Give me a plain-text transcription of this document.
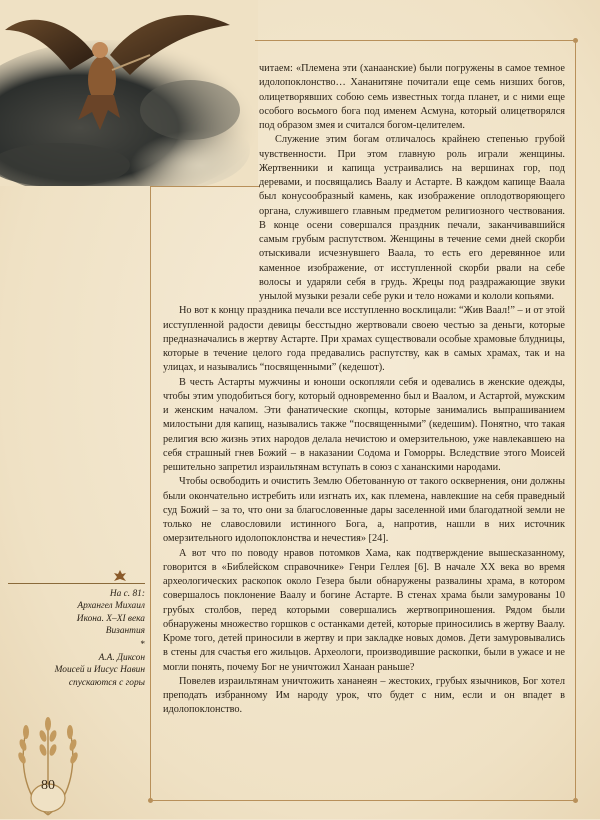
читаем: «Племена эти (ханаанские) были погружены в самое темное идолопоклонство… Хананитяне почитали еще семь низших богов, олицетворявших собою семь известных тогда планет, и с ними еще особого восьмого бога под именем Асмуна, который олицетворялся под образом змея и считался богом-целителем.

Служение этим богам отличалось крайнею степенью грубой чувственности. При этом главную роль играли женщины. Жертвенники и капища устраивались на вершинах гор, под деревами, и посвящались Ваалу и Астарте. В каждом капище Ваала был конусообразный камень, как изображение оплодотворяющего органа, служившего главным предметом религиозного чествования. В конце осени совершался праздник печали, заканчивавшийся самым грубым распутством. Женщины в течение семи дней скорби отыскивали исчезнувшего Ваала, то есть его деревянное или каменное изображение, от исступленной скорби рвали на себе волосы и ударяли себя в грудь. Жрецы под раздражающие звуки унылой музыки резали себе руки и тело ножами и кололи копьями.

Но вот к концу праздника печали все исступленно восклицали: “Жив Ваал!” – и от этой исступленной радости девицы бесстыдно жертвовали своею честью за деньги, которые предназначались в жертву Астарте. При храмах существовали особые храмовые блудницы, которые в течение целого года предавались распутству, как в самых храмах, так и на улицах, и назывались “посвященными” (кедешот).

В честь Астарты мужчины и юноши оскопляли себя и одевались в женские одежды, чтобы этим уподобиться богу, который одновременно был и Ваалом, и Астартой, мужским и женским началом. Эти фанатические скопцы, которые занимались выпрашиванием милостыни для капищ, назывались также “посвященными” (кедешим). Понятно, что такая религия всю жизнь этих народов делала нечистою и омерзительною, уже навлекавшею на себя страшный гнев Божий – в наказании Содома и Гоморры. Вследствие этого Моисей решительно запретил израильтянам вступать в союз с хананскими народами.

Чтобы освободить и очистить Землю Обетованную от такого осквернения, они должны были окончательно истребить или изгнать их, как племена, навлекшие на себя праведный суд Божий – за то, что они за благословенные дары заселенной ими благодатной земли не только не славословили истинного Бога, а, напротив, нашли в них источник омерзительного идолопоклонства и нечестия» [24].

А вот что по поводу нравов потомков Хама, как подтверждение вышесказанному, говорится в «Библейском справочнике» Генри Геллея [6]. В начале XX века во время археологических раскопок около Гезера были обнаружены развалины храма, в котором совершалось поклонение Ваалу и богине Астарте. В стенах храма были замурованы 10 грубых столбов, перед которыми совершались жертвоприношения. Рядом были обнаружены множество горшков с останками детей, которые приносились в жертву Ваалу. Кроме того, детей приносили в жертву и при закладке новых домов. Дети замуровывались в стены для счастья его жильцов. Археологи, производившие раскопки, были в ужасе и не могли понять, почему Бог не уничтожил Ханаан раньше?

Повелев израильтянам уничтожить хананеян – жестоких, грубых язычников, Бог хотел преподать избранному Им народу урок, что будет с ним, если и он впадет в идолопоклонство.

На с. 81:
Архангел Михаил
Икона. X–XI века
Византия
*
А.А. Диксон
Моисей и Иисус Навин
спускаются с горы
80
